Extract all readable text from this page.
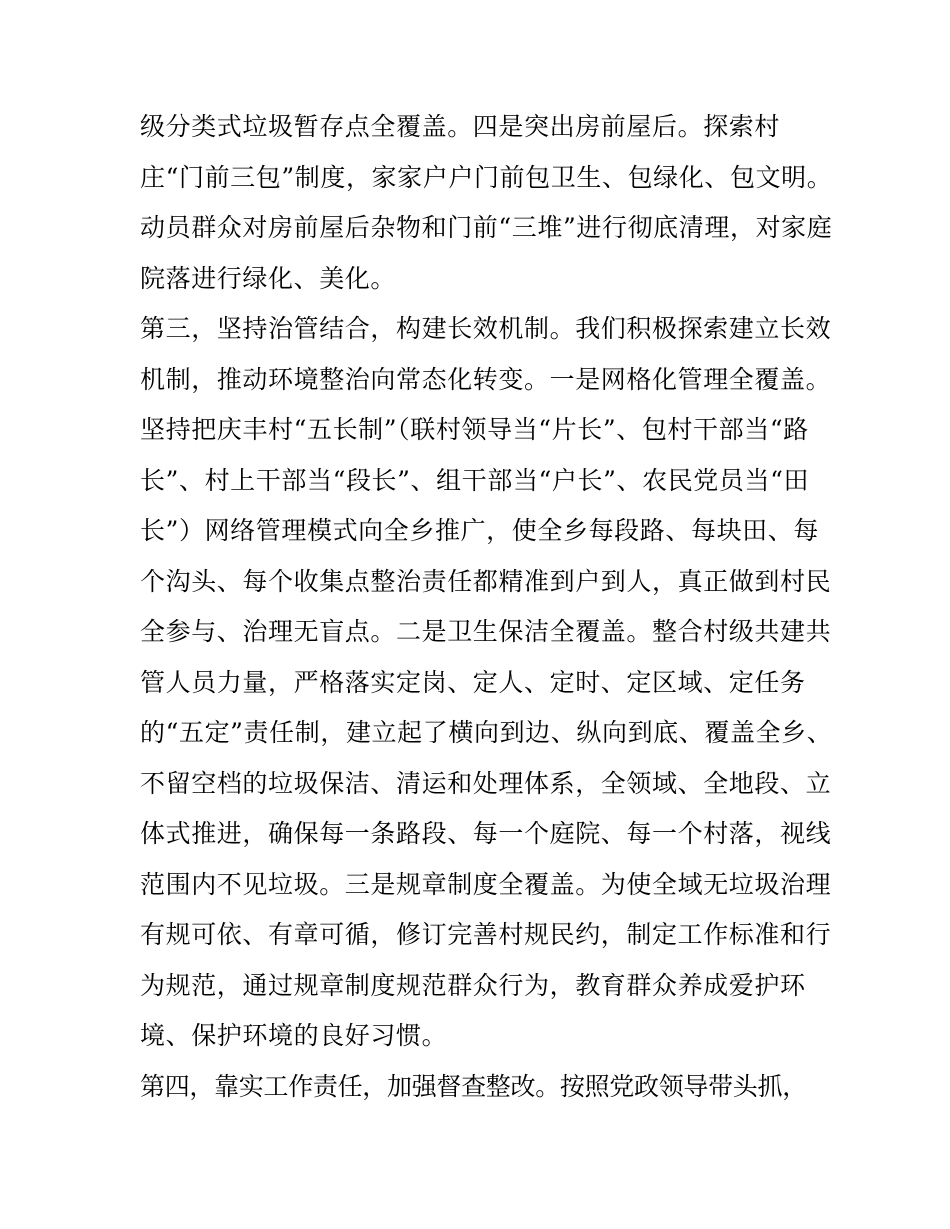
级分类式垃圾暂存点全覆盖。四是突出房前屋后。探索村
庄“门前三包”制度，家家户户门前包卫生、包绿化、包文明。
动员群众对房前屋后杂物和门前“三堆”进行彻底清理，对家庭
院落进行绿化、美化。
第三，坚持治管结合，构建长效机制。我们积极探索建立长效
机制，推动环境整治向常态化转变。一是网格化管理全覆盖。
坚持把庆丰村“五长制”（联村领导当“片长”、包村干部当“路
长”、村上干部当“段长”、组干部当“户长”、农民党员当“田
长”）网络管理模式向全乡推广，使全乡每段路、每块田、每
个沟头、每个收集点整治责任都精准到户到人，真正做到村民
全参与、治理无盲点。二是卫生保洁全覆盖。整合村级共建共
管人员力量，严格落实定岗、定人、定时、定区域、定任务
的“五定”责任制，建立起了横向到边、纵向到底、覆盖全乡、
不留空档的垃圾保洁、清运和处理体系，全领域、全地段、立
体式推进，确保每一条路段、每一个庭院、每一个村落，视线
范围内不见垃圾。三是规章制度全覆盖。为使全域无垃圾治理
有规可依、有章可循，修订完善村规民约，制定工作标准和行
为规范，通过规章制度规范群众行为，教育群众养成爱护环
境、保护环境的良好习惯。
第四，靠实工作责任，加强督查整改。按照党政领导带头抓，
